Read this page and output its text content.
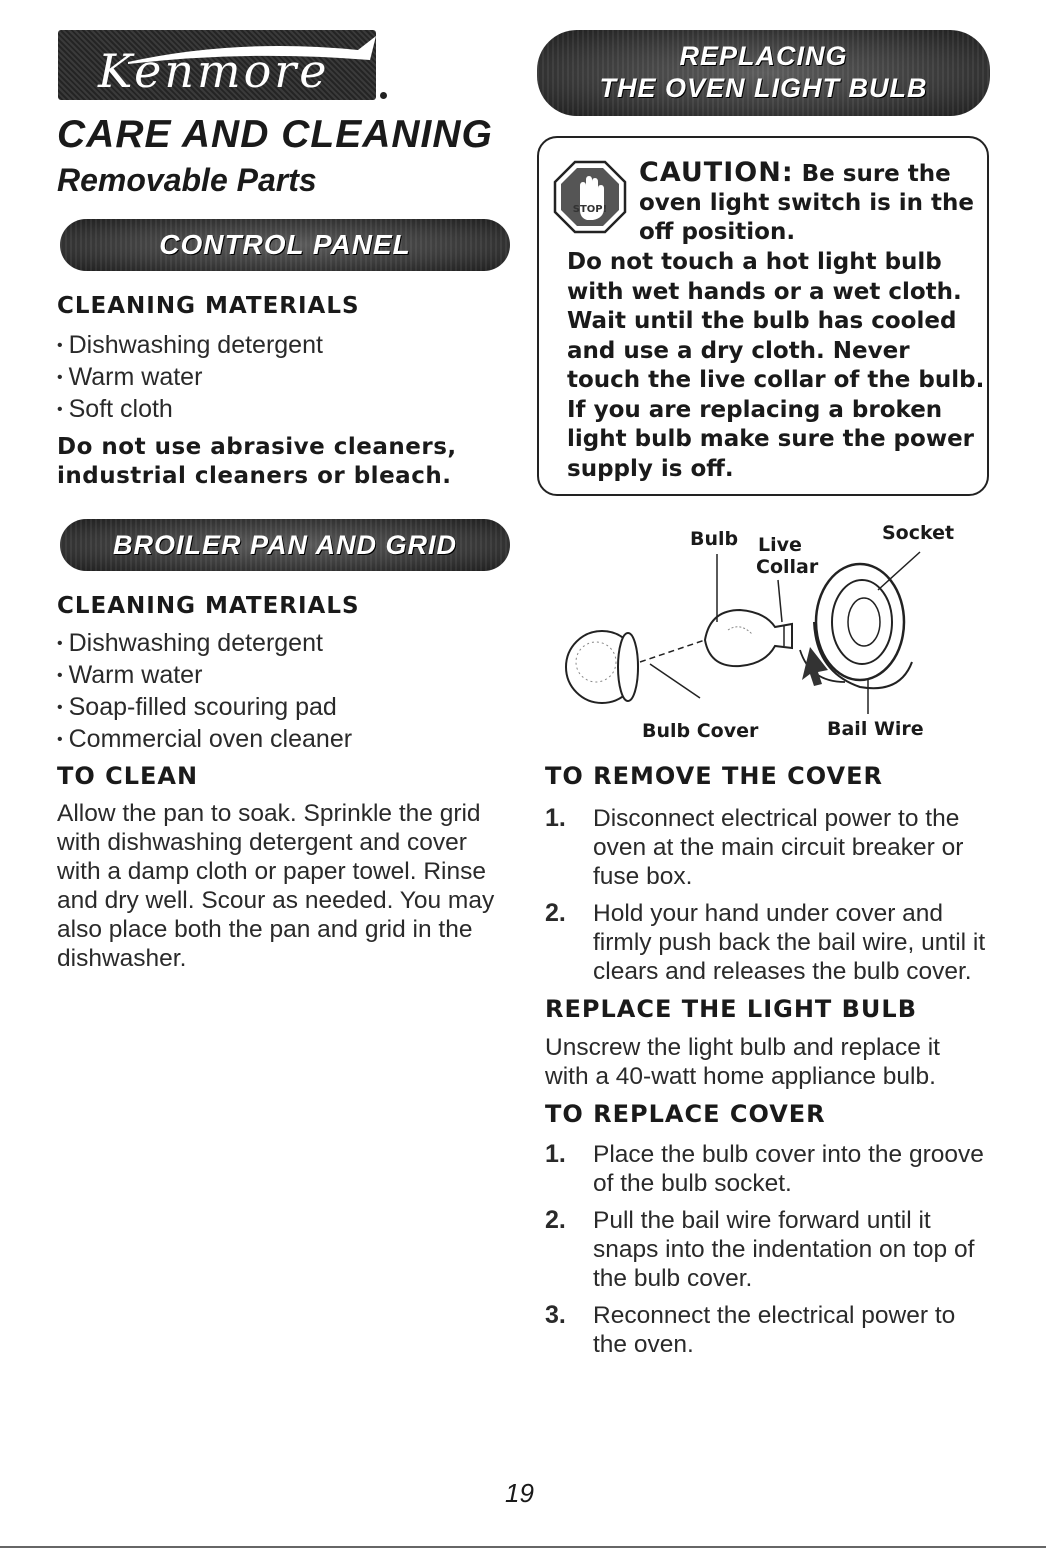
Kenmore
CARE AND CLEANING
Removable Parts
CONTROL PANEL
CLEANING MATERIALS
• Dishwashing detergent
• Warm water
• Soft cloth
Do not use abrasive cleaners, industrial cleaners or bleach.
BROILER PAN AND GRID
CLEANING MATERIALS
• Dishwashing detergent
• Warm water
• Soap-filled scouring pad
• Commercial oven cleaner
TO CLEAN
Allow the pan to soak. Sprinkle the grid with dishwashing detergent and cover with a damp cloth or paper towel. Rinse and dry well. Scour as needed. You may also place both the pan and grid in the dishwasher.
REPLACING
THE OVEN LIGHT BULB
STOP!
CAUTION: Be sure the oven light switch is in the off position.
Do not touch a hot light bulb with wet hands or a wet cloth. Wait until the bulb has cooled and use a dry cloth. Never touch the live collar of the bulb. If you are replacing a broken light bulb make sure the power supply is off.
Bulb Live
Collar
Socket
Bulb Cover	Bail Wire
TO REMOVE THE COVER
1. Disconnect electrical power to the oven at the main circuit breaker or fuse box.
2. Hold your hand under cover and firmly push back the bail wire, until it clears and releases the bulb cover.
REPLACE THE LIGHT BULB
Unscrew the light bulb and replace it with a 40-watt home appliance bulb.
TO REPLACE COVER
1. Place the bulb cover into the groove of the bulb socket.
2. Pull the bail wire forward until it snaps into the indentation on top of the bulb cover.
3. Reconnect the electrical power to the oven.
19
